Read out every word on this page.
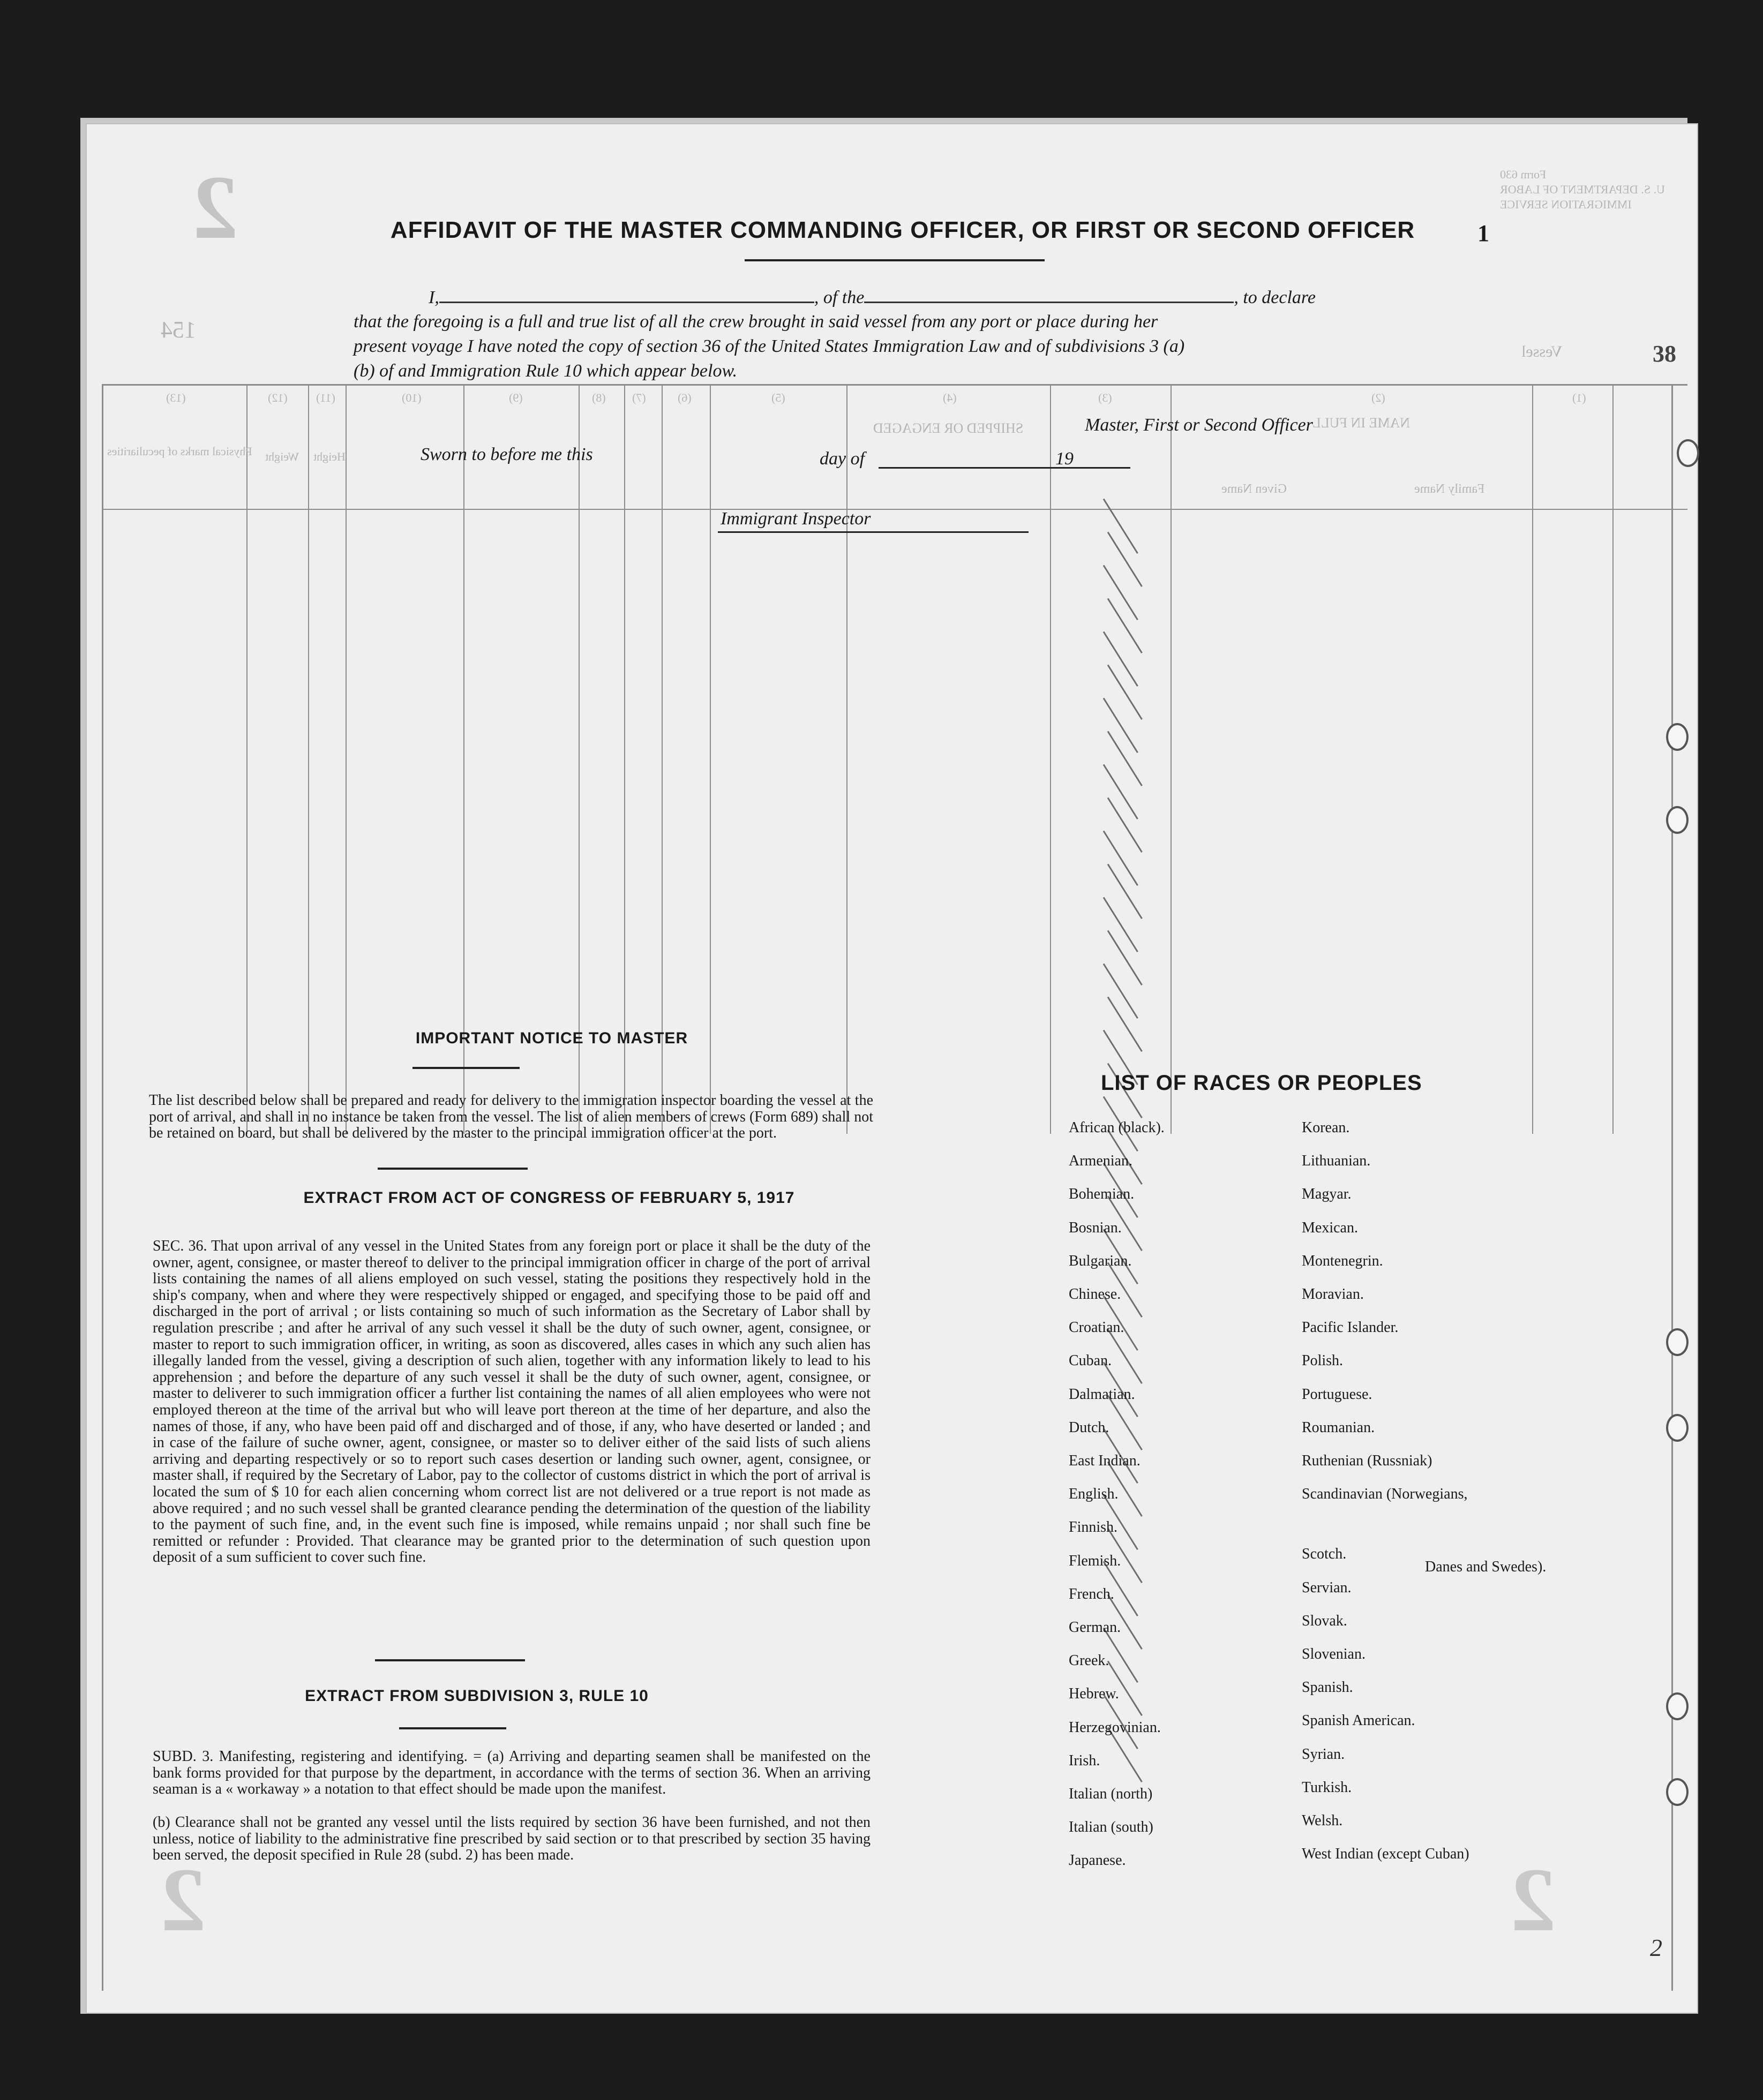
1
Form 630
U. S. DEPARTMENT OF LABOR
IMMIGRATION SERVICE
2
154
38
Vessel
AFFIDAVIT OF THE MASTER COMMANDING OFFICER, OR FIRST OR SECOND OFFICER
I,	, of the	, to declare
that the foregoing is a full and true list of all the crew brought in said vessel from any port or place during her
present voyage I have noted the copy of section 36 of the United States Immigration Law and of subdivisions 3 (a)
(b) of and Immigration Rule 10 which appear below.
(13)	(12) (11)	(10)	(9)	(8) (7)	(6)	(5)	(4)	(3)	(2)	(1)
NAME IN FULL
Family Name
Given Name
SHIPPED OR ENGAGED
Height
Weight
Physical marks of peculiarities
Master, First or Second Officer
Sworn to before me this	day of	19
Immigrant Inspector
IMPORTANT NOTICE TO MASTER
The list described below shall be prepared and ready for delivery to the immigration inspector boarding the vessel at the port of arrival, and shall in no instance be taken from the vessel. The list of alien members of crews (Form 689) shall not be retained on board, but shall be delivered by the master to the principal immigration officer at the port.
EXTRACT FROM ACT OF CONGRESS OF FEBRUARY 5, 1917
SEC. 36. That upon arrival of any vessel in the United States from any foreign port or place it shall be the duty of the owner, agent, consignee, or master thereof to deliver to the principal immigration officer in charge of the port of arrival lists containing the names of all aliens employed on such vessel, stating the positions they respectively hold in the ship's company, when and where they were respectively shipped or engaged, and specifying those to be paid off and discharged in the port of arrival ; or lists containing so much of such information as the Secretary of Labor shall by regulation prescribe ; and after he arrival of any such vessel it shall be the duty of such owner, agent, consignee, or master to report to such immigration officer, in writing, as soon as discovered, alles cases in which any such alien has illegally landed from the vessel, giving a description of such alien, together with any information likely to lead to his apprehension ; and before the departure of any such vessel it shall be the duty of such owner, agent, consignee, or master to deliverer to such immigration officer a further list containing the names of all alien employees who were not employed thereon at the time of the arrival but who will leave port thereon at the time of her departure, and also the names of those, if any, who have been paid off and discharged and of those, if any, who have deserted or landed ; and in case of the failure of suche owner, agent, consignee, or master so to deliver either of the said lists of such aliens arriving and departing respectively or so to report such cases desertion or landing such owner, agent, consignee, or master shall, if required by the Secretary of Labor, pay to the collector of customs district in which the port of arrival is located the sum of $ 10 for each alien concerning whom correct list are not delivered or a true report is not made as above required ; and no such vessel shall be granted clearance pending the determination of the question of the liability to the payment of such fine, and, in the event such fine is imposed, while remains unpaid ; nor shall such fine be remitted or refunder : Provided. That clearance may be granted prior to the determination of such question upon deposit of a sum sufficient to cover such fine.
EXTRACT FROM SUBDIVISION 3, RULE 10
SUBD. 3. Manifesting, registering and identifying. = (a) Arriving and departing seamen shall be manifested on the bank forms provided for that purpose by the department, in accordance with the terms of section 36. When an arriving seaman is a « workaway » a notation to that effect should be made upon the manifest.
(b) Clearance shall not be granted any vessel until the lists required by section 36 have been furnished, and not then unless, notice of liability to the administrative fine prescribed by said section or to that prescribed by section 35 having been served, the deposit specified in Rule 28 (subd. 2) has been made.
LIST OF RACES OR PEOPLES
African (black).
Armenian.
Bohemian.
Bosnian.
Bulgarian.
Chinese.
Croatian.
Cuban.
Dalmatian.
Dutch.
East Indian.
English.
Finnish.
Flemish.
French.
German.
Greek.
Hebrew.
Herzegovinian.
Irish.
Italian (north)
Italian (south)
Japanese.
Korean.
Lithuanian.
Magyar.
Mexican.
Montenegrin.
Moravian.
Pacific Islander.
Polish.
Portuguese.
Roumanian.
Ruthenian (Russniak)
Scandinavian (Norwegians,
Danes and Swedes).
Scotch.
Servian.
Slovak.
Slovenian.
Spanish.
Spanish American.
Syrian.
Turkish.
Welsh.
West Indian (except Cuban)
2	2	2
